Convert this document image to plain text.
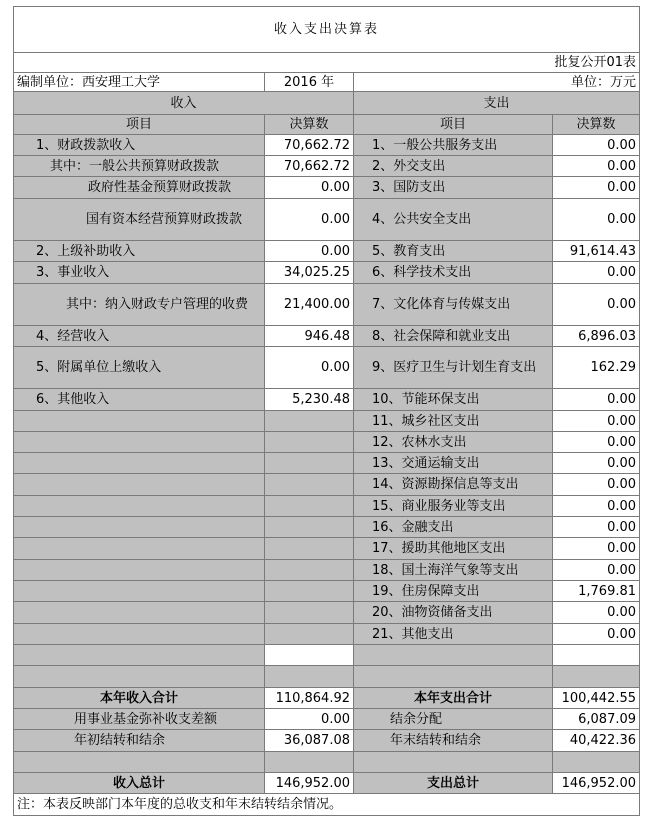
收入支出决算表			
批复公开01表			
编制单位：西安理工大学	2016 年	单位：万元	
收入		支出	
项目	决算数	项目	决算数
1、财政拨款收入	70,662.72	1、一般公共服务支出	0.00
其中：一般公共预算财政拨款	70,662.72	2、外交支出	0.00
政府性基金预算财政拨款	0.00	3、国防支出	0.00
国有资本经营预算财政拨款	0.00	4、公共安全支出	0.00
2、上级补助收入	0.00	5、教育支出	91,614.43
3、事业收入	34,025.25	6、科学技术支出	0.00
其中：纳入财政专户管理的收费	21,400.00	7、文化体育与传媒支出	0.00
4、经营收入	946.48	8、社会保障和就业支出	6,896.03
5、附属单位上缴收入	0.00	9、医疗卫生与计划生育支出	162.29
6、其他收入	5,230.48	10、节能环保支出	0.00
		11、城乡社区支出	0.00
		12、农林水支出	0.00
		13、交通运输支出	0.00
		14、资源勘探信息等支出	0.00
		15、商业服务业等支出	0.00
		16、金融支出	0.00
		17、援助其他地区支出	0.00
		18、国土海洋气象等支出	0.00
		19、住房保障支出	1,769.81
		20、油物资储备支出	0.00
		21、其他支出	0.00

本年收入合计	110,864.92	本年支出合计	100,442.55
用事业基金弥补收支差额	0.00	结余分配	6,087.09
年初结转和结余	36,087.08	年末结转和结余	40,422.36

收入总计	146,952.00	支出总计	146,952.00
注：本表反映部门本年度的总收支和年末结转结余情况。			
